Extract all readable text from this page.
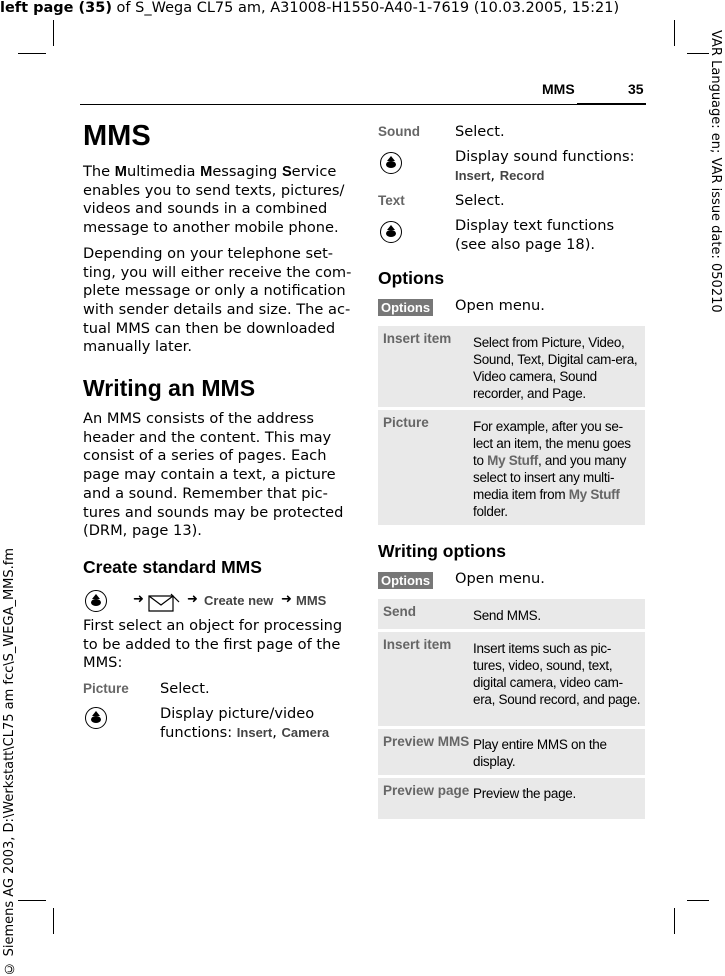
left page (35) of S_Wega CL75 am, A31008-H1550-A40-1-7619 (10.03.2005, 15:21)
VAR Language: en; VAR issue date: 050210
© Siemens AG 2003, D:\Werkstatt\CL75 am fcc\S_WEGA_MMS.fm
MMS	35
MMS

The Multimedia Messaging Service enables you to send texts, pictures/ videos and sounds in a combined message to another mobile phone.

Depending on your telephone set-ting, you will either receive the com-plete message or only a notification with sender details and size. The ac-tual MMS can then be downloaded manually later.

Writing an MMS
An MMS consists of the address header and the content. This may consist of a series of pages. Each page may contain a text, a picture and a sound. Remember that pic-tures and sounds may be protected (DRM, page 13).
Create standard MMS
➜	➜ Create new ➜ MMS
First select an object for processing to be added to the first page of the MMS:
Picture Select.
Display picture/video functions: Insert, Camera
Sound Select.
Display sound functions:
Insert, Record
Text	Select.
Display text functions (see also page 18).
Options
Options Open menu.
Insert item	Select from Picture, Video, Sound, Text, Digital cam-era, Video camera, Sound recorder, and Page.
Picture	For example, after you se-lect an item, the menu goes to My Stuff, and you many select to insert any multi-media item from My Stuff folder.
Writing options
Options Open menu.
Send	Send MMS.
Insert item	Insert items such as pic-tures, video, sound, text, digital camera, video cam-era, Sound record, and page.
Preview MMS Play entire MMS on the display.
Preview page Preview the page.
